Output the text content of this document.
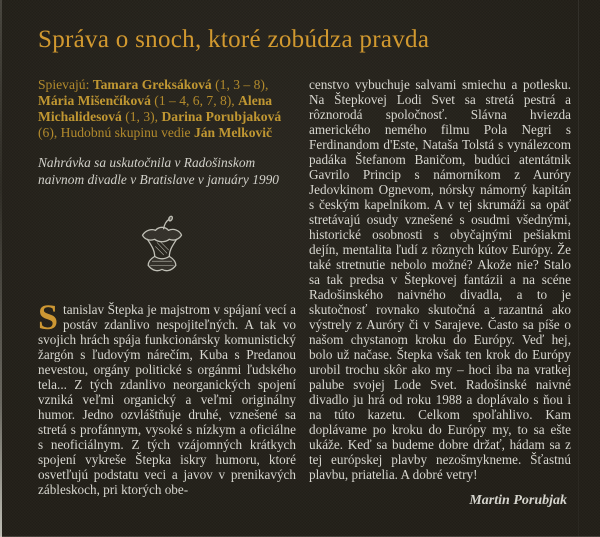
Správa o snoch, ktoré zobúdza pravda

Spievajú: Tamara Greksáková (1, 3 – 8), Mária Mišenčíková (1 – 4, 6, 7, 8), Alena Michalidesová (1, 3), Darina Porubjaková (6), Hudobnú skupinu vedie Ján Melkovič

Nahrávka sa uskutočnila v Radošinskom naivnom divadle v Bratislave v januáry 1990

Stanislav Štepka je majstrom v spájaní vecí a postáv zdanlivo nespojiteľných. A tak vo svojich hrách spája funkcionársky komunistický žargón s ľudovým nárečím, Kuba s Predanou nevestou, orgány politické s orgánmi ľudského tela... Z tých zdanlivo neorganických spojení vzniká veľmi organický a veľmi originálny humor. Jedno ozvláštňuje druhé, vznešené sa stretá s profánnym, vysoké s nízkym a oficiálne s neoficiálnym. Z tých vzájomných krátkych spojení vykreše Štepka iskry humoru, ktoré osvetľujú podstatu veci a javov v prenikavých zábleskoch, pri ktorých obe-

censtvo vybuchuje salvami smiechu a potlesku. Na Štepkovej Lodi Svet sa stretá pestrá a rôznorodá spoločnosť. Slávna hviezda amerického nemého filmu Pola Negri s Ferdinandom d'Este, Nataša Tolstá s vynálezcom padáka Štefanom Baničom, budúci atentátnik Gavrilo Princip s námorníkom z Auróry Jedovkinom Ognevom, nórsky námorný kapitán s českým kapelníkom. A v tej skrumáži sa opäť stretávajú osudy vznešené s osudmi všednými, historické osobnosti s obyčajnými pešiakmi dejín, mentalita ľudí z rôznych kútov Európy. Že také stretnutie nebolo možné? Akože nie? Stalo sa tak predsa v Štepkovej fantázii a na scéne Radošinského naivného divadla, a to je skutočnosť rovnako skutočná a razantná ako výstrely z Auróry či v Sarajeve. Často sa píše o našom chystanom kroku do Európy. Veď hej, bolo už načase. Štepka však ten krok do Európy urobil trochu skôr ako my – hoci iba na vratkej palube svojej Lode Svet. Radošinské naivné divadlo ju hrá od roku 1988 a doplávalo s ňou i na túto kazetu. Celkom spoľahlivo. Kam doplávame po kroku do Európy my, to sa ešte ukáže. Keď sa budeme dobre držať, hádam sa z tej európskej plavby nezošmykneme. Šťastnú plavbu, priatelia. A dobré vetry!

Martin Porubjak
